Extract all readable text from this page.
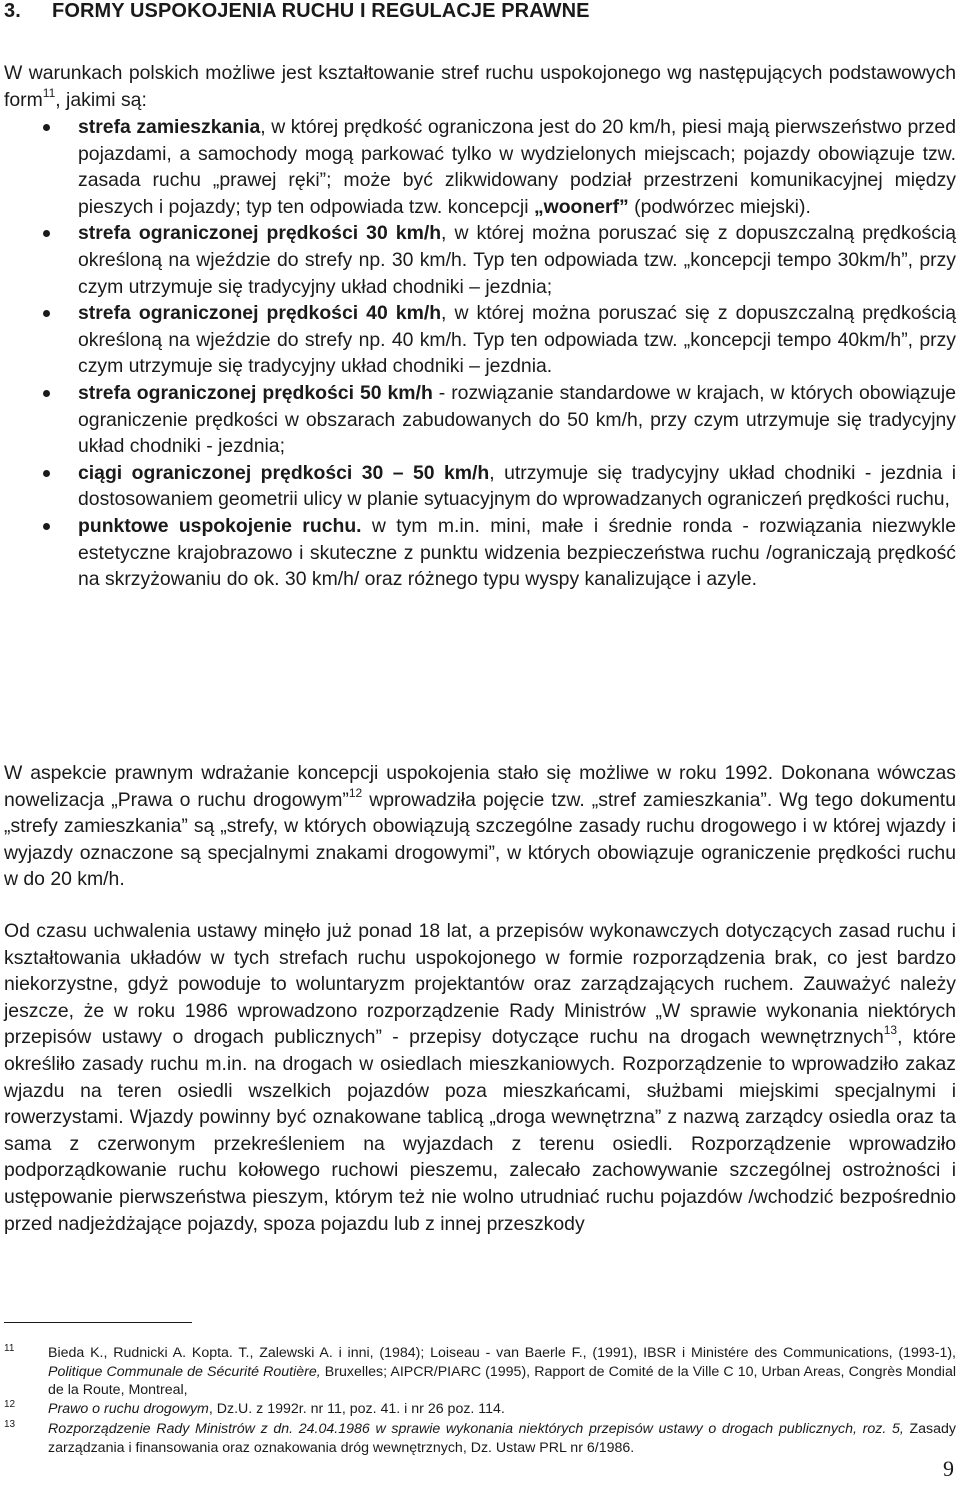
3. FORMY USPOKOJENIA RUCHU I REGULACJE PRAWNE

W warunkach polskich możliwe jest kształtowanie stref ruchu uspokojonego wg następujących podstawowych form$^{11}$, jakimi są:

strefa zamieszkania, w której prędkość ograniczona jest do 20 km/h, piesi mają pierwszeństwo przed pojazdami, a samochody mogą parkować tylko w wydzielonych miejscach; pojazdy obowiązuje tzw. zasada ruchu „prawej ręki”; może być zlikwidowany podział przestrzeni komunikacyjnej między pieszych i pojazdy; typ ten odpowiada tzw. koncepcji „woonerf” (podwórzec miejski).
strefa ograniczonej prędkości 30 km/h, w której można poruszać się z dopuszczalną prędkością określoną na wjeździe do strefy np. 30 km/h. Typ ten odpowiada tzw. „koncepcji tempo 30km/h”, przy czym utrzymuje się tradycyjny układ chodniki – jezdnia;
strefa ograniczonej prędkości 40 km/h, w której można poruszać się z dopuszczalną prędkością określoną na wjeździe do strefy np. 40 km/h. Typ ten odpowiada tzw. „koncepcji tempo 40km/h”, przy czym utrzymuje się tradycyjny układ chodniki – jezdnia.
strefa ograniczonej prędkości 50 km/h - rozwiązanie standardowe w krajach, w których obowiązuje ograniczenie prędkości w obszarach zabudowanych do 50 km/h, przy czym utrzymuje się tradycyjny układ chodniki - jezdnia;
ciągi ograniczonej prędkości 30 – 50 km/h, utrzymuje się tradycyjny układ chodniki - jezdnia i dostosowaniem geometrii ulicy w planie sytuacyjnym do wprowadzanych ograniczeń prędkości ruchu,
punktowe uspokojenie ruchu. w tym m.in. mini, małe i średnie ronda - rozwiązania niezwykle estetyczne krajobrazowo i skuteczne z punktu widzenia bezpieczeństwa ruchu /ograniczają prędkość na skrzyżowaniu do ok. 30 km/h/ oraz różnego typu wyspy kanalizujące i azyle.

W aspekcie prawnym wdrażanie koncepcji uspokojenia stało się możliwe w roku 1992. Dokonana wówczas nowelizacja „Prawa o ruchu drogowym”$^{12}$ wprowadziła pojęcie tzw. „stref zamieszkania”. Wg tego dokumentu „strefy zamieszkania” są „strefy, w których obowiązują szczególne zasady ruchu drogowego i w której wjazdy i wyjazdy oznaczone są specjalnymi znakami drogowymi”, w których obowiązuje ograniczenie prędkości ruchu w do 20 km/h.

Od czasu uchwalenia ustawy minęło już ponad 18 lat, a przepisów wykonawczych dotyczących zasad ruchu i kształtowania układów w tych strefach ruchu uspokojonego w formie rozporządzenia brak, co jest bardzo niekorzystne, gdyż powoduje to woluntaryzm projektantów oraz zarządzających ruchem. Zauważyć należy jeszcze, że w roku 1986 wprowadzono rozporządzenie Rady Ministrów „W sprawie wykonania niektórych przepisów ustawy o drogach publicznych” - przepisy dotyczące ruchu na drogach wewnętrznych$^{13}$, które określiło zasady ruchu m.in. na drogach w osiedlach mieszkaniowych. Rozporządzenie to wprowadziło zakaz wjazdu na teren osiedli wszelkich pojazdów poza mieszkańcami, służbami miejskimi specjalnymi i rowerzystami. Wjazdy powinny być oznakowane tablicą „droga wewnętrzna” z nazwą zarządcy osiedla oraz ta sama z czerwonym przekreśleniem na wyjazdach z terenu osiedli. Rozporządzenie wprowadziło podporządkowanie ruchu kołowego ruchowi pieszemu, zalecało zachowywanie szczególnej ostrożności i ustępowanie pierwszeństwa pieszym, którym też nie wolno utrudniać ruchu pojazdów /wchodzić bezpośrednio przed nadjeżdżające pojazdy, spoza pojazdu lub z innej przeszkody

11 Bieda K., Rudnicki A. Kopta. T., Zalewski A. i inni, (1984); Loiseau - van Baerle F., (1991), IBSR i Ministére des Communications, (1993-1), Politique Communale de Sécurité Routière, Bruxelles; AIPCR/PIARC (1995), Rapport de Comité de la Ville C 10, Urban Areas, Congrès Mondial de la Route, Montreal,
12 Prawo o ruchu drogowym, Dz.U. z 1992r. nr 11, poz. 41. i nr 26 poz. 114.
13 Rozporządzenie Rady Ministrów z dn. 24.04.1986 w sprawie wykonania niektórych przepisów ustawy o drogach publicznych, roz. 5, Zasady zarządzania i finansowania oraz oznakowania dróg wewnętrznych, Dz. Ustaw PRL nr 6/1986.
9
